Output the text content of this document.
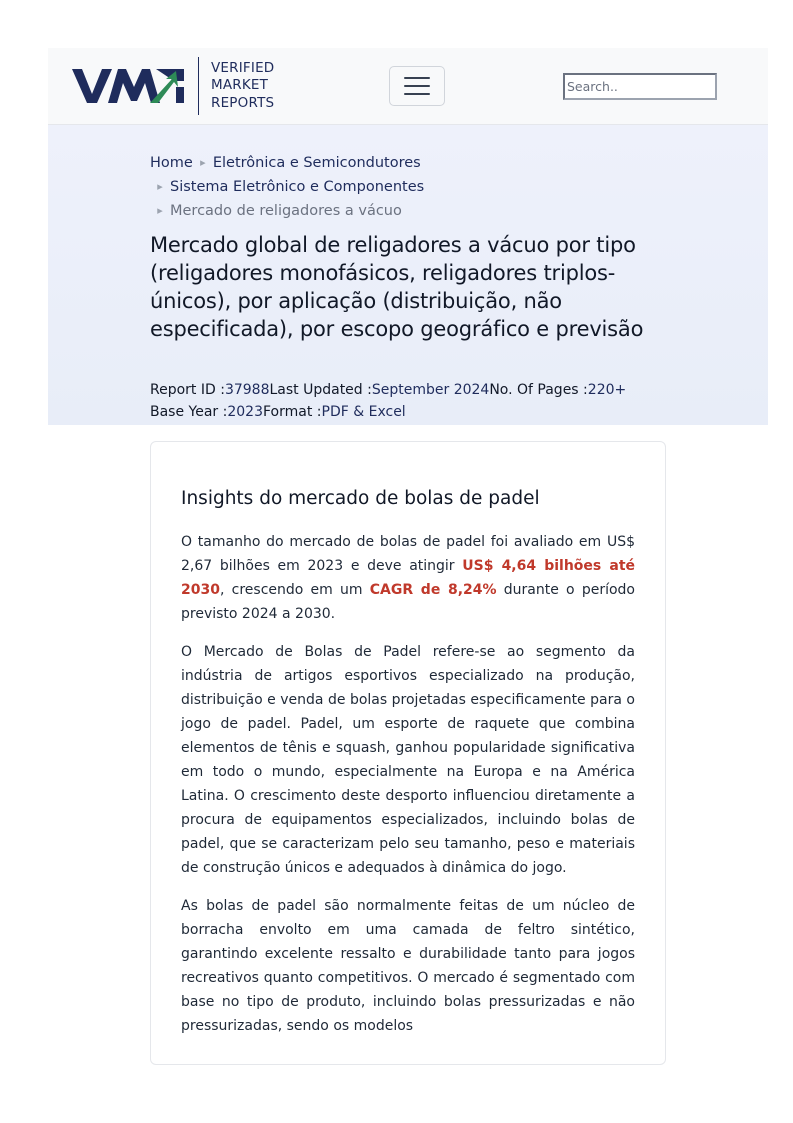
VERIFIED
MARKET
REPORTS
Search..
Home ▸ Eletrônica e Semicondutores
▸ Sistema Eletrônico e Componentes
▸ Mercado de religadores a vácuo
Mercado global de religadores a vácuo por tipo (religadores monofásicos, religadores triplos-únicos), por aplicação (distribuição, não especificada), por escopo geográfico e previsão
Report ID : 37988 Last Updated : September 2024 No. Of Pages : 220+
Base Year : 2023 Format : PDF & Excel
Insights do mercado de bolas de padel

O tamanho do mercado de bolas de padel foi avaliado em US$ 2,67 bilhões em 2023 e deve atingir US$ 4,64 bilhões até 2030, crescendo em um CAGR de 8,24% durante o período previsto 2024 a 2030.

O Mercado de Bolas de Padel refere-se ao segmento da indústria de artigos esportivos especializado na produção, distribuição e venda de bolas projetadas especificamente para o jogo de padel. Padel, um esporte de raquete que combina elementos de tênis e squash, ganhou popularidade significativa em todo o mundo, especialmente na Europa e na América Latina. O crescimento deste desporto influenciou diretamente a procura de equipamentos especializados, incluindo bolas de padel, que se caracterizam pelo seu tamanho, peso e materiais de construção únicos e adequados à dinâmica do jogo.

As bolas de padel são normalmente feitas de um núcleo de borracha envolto em uma camada de feltro sintético, garantindo excelente ressalto e durabilidade tanto para jogos recreativos quanto competitivos. O mercado é segmentado com base no tipo de produto, incluindo bolas pressurizadas e não pressurizadas, sendo os modelos
